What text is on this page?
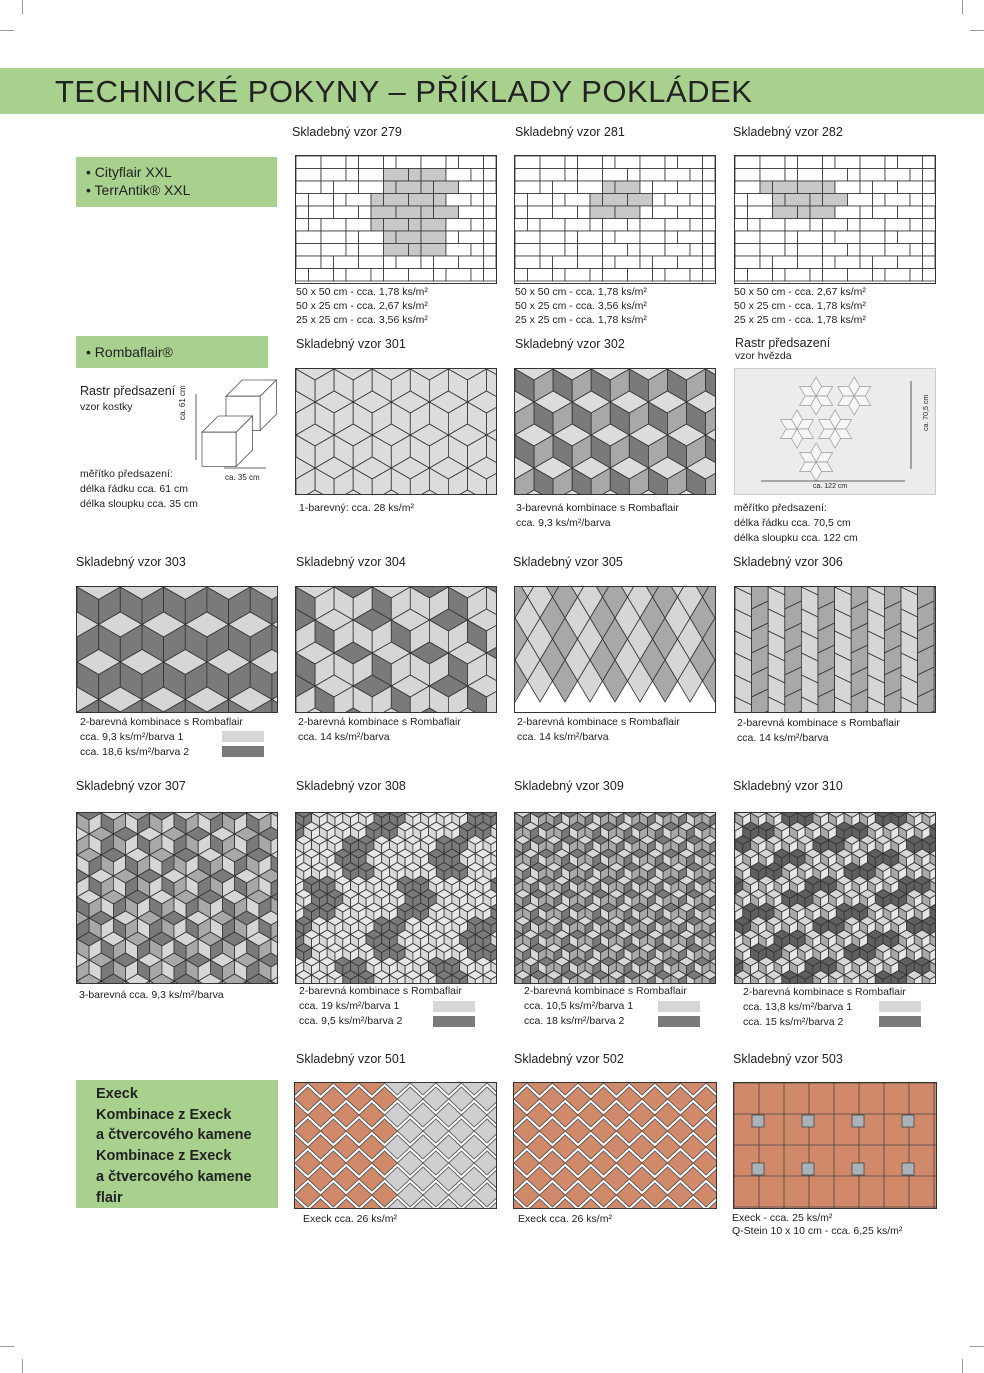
TECHNICKÉ POKYNY – PŘÍKLADY POKLÁDEK
• Cityflair XXL
• TerrAntik® XXL
• Rombaflair®
Execk
Kombinace z Execk
a čtvercového kamene
Kombinace z Execk
a čtvercového kamene
flair
Skladebný vzor 279	Skladebný vzor 281	Skladebný vzor 282
50 x 50 cm - cca. 1,78 ks/m²
50 x 25 cm - cca. 2,67 ks/m²
25 x 25 cm - cca. 3,56 ks/m²
50 x 50 cm - cca. 1,78 ks/m²
50 x 25 cm - cca. 3,56 ks/m²
25 x 25 cm - cca. 1,78 ks/m²
50 x 50 cm - cca. 2,67 ks/m²
50 x 25 cm - cca. 1,78 ks/m²
25 x 25 cm - cca. 1,78 ks/m²
Skladebný vzor 301	Skladebný vzor 302	Rastr předsazení
vzor hvězda
Rastr předsazení
vzor kostky	ca. 61 cm
ca. 35 cm
měřítko předsazení:
délka řádku cca. 61 cm
délka sloupku cca. 35 cm
ca. 70,5 cm
ca. 122 cm
1-barevný: cca. 28 ks/m²	3-barevná kombinace s Rombaflair
cca. 9,3 ks/m²/barva
měřítko předsazení:
délka řádku cca. 70,5 cm
délka sloupku cca. 122 cm
Skladebný vzor 303	Skladebný vzor 304	Skladebný vzor 305	Skladebný vzor 306
2-barevná kombinace s Rombaflair
cca. 9,3 ks/m²/barva 1
cca. 18,6 ks/m²/barva 2
2-barevná kombinace s Rombaflair
cca. 14 ks/m²/barva
2-barevná kombinace s Rombaflair
cca. 14 ks/m²/barva
2-barevná kombinace s Rombaflair
cca. 14 ks/m²/barva
Skladebný vzor 307	Skladebný vzor 308	Skladebný vzor 309	Skladebný vzor 310
3-barevná cca. 9,3 ks/m²/barva	2-barevná kombinace s Rombaflair
cca. 19 ks/m²/barva 1
cca. 9,5 ks/m²/barva 2
2-barevná kombinace s Rombaflair
cca. 10,5 ks/m²/barva 1
cca. 18 ks/m²/barva 2
2-barevná kombinace s Rombaflair
cca. 13,8 ks/m²/barva 1
cca. 15 ks/m²/barva 2
Skladebný vzor 501	Skladebný vzor 502	Skladebný vzor 503
Execk cca. 26 ks/m²	Execk cca. 26 ks/m²	Execk - cca. 25 ks/m²
Q-Stein 10 x 10 cm - cca. 6,25 ks/m²
